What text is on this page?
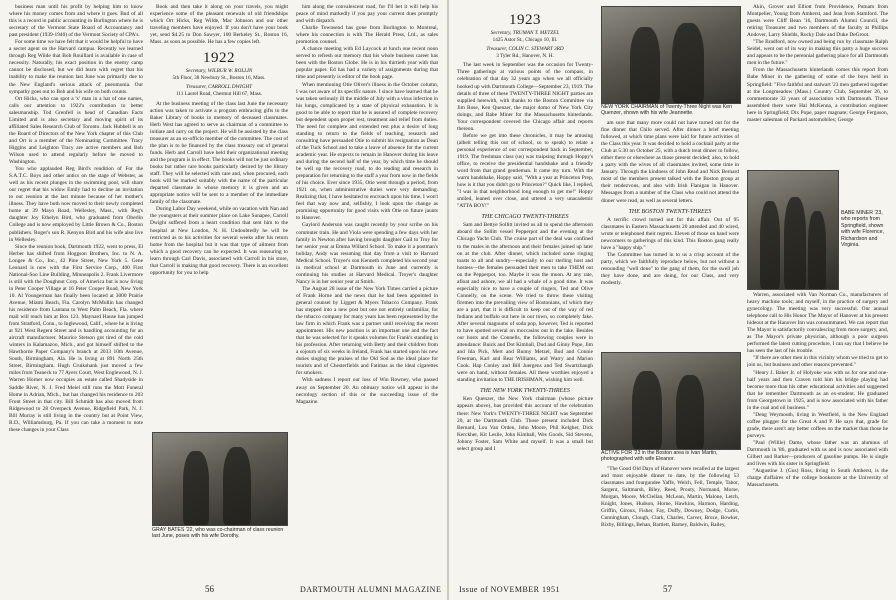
business man until his profit by helping him to know where his money comes from and where it goes. Bud of all this is a record in public accounting in Burlington where he is secretary of the Vermont State Board of Accountancy and past president (1939-1940) of the Vermont Society of CPA's.

For some time we have felt that it would be helpful to have a secret agent on the Harvard campus. Recently we learned through Reg Wilde that Bob Rouillard is available in case of necessity. Naturally, his exact position in the enemy camp cannot be disclosed, but we did learn with regret that his inability to make the reunion last June was primarily due to the New England's serious attack of pneumonia. Our sympathy goes out to Bob and his wife on both counts.

Ort Hicks, who can spot a 'x' man in a hat of one names, calls our attention to 1922's contribution to better salesmanship. Tod Grenfell is head of Canadian Facts Limited and is also secretary and moving spirit of its affiliated Sales Research Club of Toronto. Jack Hubbell is on the Board of Directors of the New York chapter of this Club and Ort is a member of the Nominating Committee. Tracy Higgins and Leighton Tracy are active members and Bob Wilson used to attend regularly before he moved to Washington.

You who applauded Reg Bird's rendition of For the S.A.T.C. Boys and other antics on the stage of Webster, as well as his recent plunges in the swimming pool, will share our regret that his widow Emily had to decline an invitation to our reunion at the last minute because of her mother's illness. They have both now moved to their newly completed home at 39 Mayo Road, Wellesley, Mass., with Reg's daughter Joy Ethelyn Bird, who graduated from Oberlin College and is now employed by Little Brown & Co., Boston publishers. Roger's son R. Kenyon Bird and his wife also live in Wellesley.

Since the reunion book, Dartmouth 1922, went to press, El Herber has shifted from Hoggson Brothers, Inc. to N. A. Longee & Co., Inc., 42 Pine Street, New York 5. Gene Leonard is now with the First Service Corp., 400 First National-Soo Line Building, Minneapolis 2. Frank Livermore is still with the Doughnut Corp. of America but is now living in Peter Cooper Village at 16 Peter Cooper Road, New York 10. Al Youngerman has finally been located at 3000 Prairie Avenue, Miami Beach, Fla. Carolyn McMullin has changed his residence from Lantana to West Palm Beach, Fla. where mail will reach him at Box 123. Maynard Hause has jumped from Stratford, Conn., to Inglewood, Calif., where he is living at 921 West Regent Street and is handling accounting for an aircraft manufacturer. Maurice Stetson got tired of the cold winters in Kalamazoo, Mich., and got himself shifted to the Hawthorne Paper Company's branch at 2033 10th Avenue, South, Birmingham, Ala. He is living at 891 North 25th Street, Birmingham. Hugh Cruikshank just moved a few miles from Teaneck to 77 Ayers Court, West Englewood, N. J. Warren Horner now occupies an estate called Shadyside in Saddle River, N. J. Fred Meiel still runs the Mott Funeral Home in Adrian, Mich., but has changed his residence to 203 Front Street in that city. Bill Schmidt has also moved from Ridgewood to 28 Overpeck Avenue, Ridgefield Park, N. J. Bill Murray is still living in the country but at Point View, R.D., Williamsburg, Pa. If you can take a moment to note these changes in your Class

Book and then take it along on your travels, you might experience some of the pleasant renewals of old friendships which Ort Hicks, Reg Wilde, Mac Johnson and our other traveling members have enjoyed. If you don't have your book yet, send $4.25 to Don Sawyer, 100 Berkeley St., Boston 16, Mass. as soon as possible. He has a few copies left.

1922
Secretary, WILBUR W. ROLLIN
5th Floor, 38 Newbury St., Boston 16, Mass.
Treasurer, CARROLL DWIGHT
111 Laurel Road, Chestnut Hill 67, Mass.

At the business meeting of the class last June the necessary action was taken to activate a program embracing gifts to the Baker Library of books in memory of deceased classmates. Herb West has agreed to serve as chairman of a committee to initiate and carry on the project. He will be assisted by the class treasurer as an ex-officio member of the committee. The cost of the plan is to be financed by the class treasury out of general funds. Herb and Carroll have held their organizational meeting and the program is in effect. The books will not be just ordinary books but rather rare books particularly desired by the library staff. They will be selected with care and, when procured, each book will be marked suitably with the name of the particular departed classmate in whose memory it is given and an appropriate notice will be sent to a member of the immediate family of the classmate.

During Labor Day weekend, while on vacation with Nan and the youngsters at their summer place on Lake Sunapee, Carroll Dwight suffered from a heart condition that sent him to the hospital at New London, N. H. Undoubtedly he will be restricted as to his activities for several weeks after his return home from the hospital but it was that type of ailment from which a good recovery can be expected. It was reassuring to learn through Carl Davis, associated with Carroll in his store, that Carroll is making that good recovery. There is an excellent opportunity for you to help

GRAY BATES '22, who was co-chairman of class reunion last June, poses with his wife Dorothy.

him along the convalescent road, for I'll bet it will help his peace of mind markedly if you pay your current dues promptly and with dispatch.

Charlie Townsend has gone from Burlington to Montreal, where his connection is with The Herald Press, Ltd., as sales promotion counsel.

A chance meeting with Ed Laycock at lunch one recent noon served to refresh our memory that his whole business career has been with the Boston Globe. He is in his thirtieth year with that popular paper. Ed has had a variety of assignments during that time and presently is editor of the book page.

When mentioning Otie Oliver's illness in the October column, I was not aware of its specific nature. I since have learned that he was taken seriously ill the middle of July with a virus infection in his lungs, complicated by a state of physical exhaustion. It is good to be able to report that he is assured of complete recovery but dependent upon proper rest, treatment and relief from duties. The need for complete and extended rest plus a desire of long standing to return to the fields of teaching, research and consulting have persuaded Otie to submit his resignation as Dean of the Tuck School and to take a leave of absence for the current academic year. He expects to remain in Hanover during his leave and during the second half of the year, by which time he should be well up the recovery road, to do reading and research in preparation for returning to the staff a year from now in the fields of his choice. Ever since 1935, Otie went through a period, from 1921 on, when administrative duties were very demanding. Realizing that, I have hesitated to encroach upon his time. I won't feel that way now and, selfishly, I look upon the change as promising opportunity for good visits with Otie on future jaunts to Hanover.

Gaylord Anderson was caught recently by your scribe on his commuter train. He and Viola were spending a few days with her family in Newton after having brought daughter Gail to Troy for her senior year at Emma Willard School. To make it a postman's holiday, Andy was resuming that day from a visit to Harvard Medical School. Troyer's son Kenneth completed his second year in medical school at Dartmouth in June and currently is continuing his studies at Harvard Medical. Troyer's daughter Nancy is in her senior year at Smith.

The August 28 issue of the New York Times carried a picture of Frank Horne and the news that he had been appointed in general counsel by Liggett & Myers Tobacco Company. Frank has stepped into a new post but one not entirely unfamiliar, for the tobacco company for many years has been represented by the law firm in which Frank was a partner until receiving the recent appointment. His new position is an important one and the fact that he was selected for it speaks volumes for Frank's standing in his profession. After returning with Betty and their children from a sojourn of six weeks in Ireland, Frank has started upon his new duties singing the praises of the Old Sod as the ideal place for tourists and of Chesterfields and Fatimas as the ideal cigarettes for smokers.

With sadness I report our loss of Win Rowney, who passed away on September 20. An obituary notice will appear in the necrology section of this or the succeeding issue of the Magazine.

56	DARTMOUTH ALUMNI MAGAZINE
1923
Secretary, TRUMAN T. METZEL
1425 Astor St., Chicago 10, Ill.
Treasurer, COLIN C. STEWART 3RD
3 Tyler Rd., Hanover, N. H.

The last week in September was the occasion for Twenty-Three gatherings at various points of the compass, in celebration of that day 32 years ago when we all officially hooked up with Dartmouth College—September 23, 1919. The details of three of these TWENTY-THREE NIGHT parties are supplied herewith, with thanks to the Boston Committee via Jim Rose, Ken Quenzer, the major domo of New York City doings, and Babe Miner for the Massachusetts hinterlands. Your correspondent covered the Chicago affair and reports thereon.

Before we get into these chronicles, it may be amusing (albeit telling this out of school, so to speak) to relate a personal experience of our correspondent back in September, 1919. The freshman class (us) was traipsing through Hoppy's office, to receive the presidential handshake and a friendly word from that grand gentleman. It came my turn. With the warm handshake, Hoppy said, "With a year at Princeton Prep, how is it that you didn't go to Princeton?" Quick like, I replied, "I was in that neighborhood long enough to get me!" Hoppy smiled, leaned over close, and uttered a very unacademic "ATTA BOY!"

THE CHICAGO TWENTY-THREES

Sam and Bettye Sollitt invited us all to spend the afternoon aboard the Sollitt vessel Pepperpot and the evening at the Chicago Yacht Club. The cruise part of the deal was confined to the males in the afternoon and their females joined up later on at the club. After dinner, which included some ringing toasts to all and sundry—especially to our sterling host and hostess—the females persuaded their men to take THEM out on the Pepperpot, too. Maybe it was the moon. At any rate, afloat and ashore, we all had a whale of a good time. It was especially nice to have a couple of ringers, Ted and Olive Connelly, on the scene. We tried to throw these visiting firemen into the prevailing view of Bostonians, of which they are a part, that it is difficult to keep out of the way of red Indians and buffalo out here in our town, so completely fake. After several magnums of soda pop, however, Ted is reported to have spotted several on moccasins out in the lake. Besides our hosts and the Connells, the following couples were in attendance: Buick and Dot Kimball, Dud and Ginny Pope, Jim and Ida Pick, Mert and Bunny Metzel, Bud and Connie Freeman, Karl and Bear Williams, and Warry and Marion Cook. Hap Conley and Bill Juergens and Ted Swartzbaugh were on hand, without females. All these worthies enjoyed a standing invitation to THE IRISHMAN, wishing him well.

THE NEW YORK TWENTY-THREES

Ken Quenzer, the New York chairman (whose picture appears above), has provided this account of the celebration there: New York's TWENTY-THREE NIGHT was September 20, at the Dartmouth Club. Those present included Dick Bernard, Lou Van Orden, John Moore, Phil Kelgher, Dick Kerckher, Kit Leslie, John Kimball, Wes Goods, Sid Stevens, Johnny Foster, Sam White and myself. It was a small but select group and I

NEW YORK CHAIRMAN of Twenty-Three Night was Ken Quenzer, shown with his wife Jeannette.

am sure that many more could not have turned out for the fine dinner that Chilo served. After dinner a brief meeting followed, at which time plans were laid for future activities of the Class this year. It was decided to hold a cocktail party at the Club at 5:30 on October 25, with a dutch treat dinner to follow, either there or elsewhere as those present decided; also, to hold a party with the wives of all classmates invited, some time in January. Through the kindness of John Read and Nick Bernard most of the members present talked with the Boston group at their rendezvous, and also with Irish Flanigan in Hanover. Messages from a number of the Class who could not attend the dinner were read, as well as several letters.

THE BOSTON TWENTY-THREES

A terrific crowd turned out for this affair. Out of 95 classmates in Eastern Massachusetts 20 attended and 40 wired, wrote or telephoned their regrets. Eleven of those on hand were newcomers to gatherings of this kind. This Boston gang really have a "happy ship."

The Committee has turned in to us a crisp account of the party, which we faithfully reproduce below, but not without a resounding "well done" to the gang of them, for the swell job they have done, and are doing, for our Class, and very modestly.

ACTIVE FOR '23 in the Boston area is Ivan Martin, photographed with wife Eleanor.

"The Good Old Days of Hanover were recalled at the largest and most enjoyable dinner to date, by the following 53 classmates and fourgundee Yaffe, Welch, Fell, Temple, Tabor, Sargent, Saltmarsh, Biley, Reed, Prouty, Normand, Morse, Morgan, Moore, McClellan, McLean, Martin, Malone, Letch, Knight, Jones, Hudson, Horne, Hawkins, Harmon, Harding, Griffin, Giroux, Fisher, Fay, Duffy, Downey, Dodge, Curtis, Cunningham, Clough, Clark, Charles, Carver, Bruce, Bowker, Bixby, Billings, Behan, Bartlett, Barney, Baldwin, Bailey,

Akin, Grover and Elliott from Providence, Putnam from Montpelier, Young from Amherst, and Jean from Stamford. The guests were Cliff Bean '16, Dartmouth Alumni Council, the retiring Treasurer and two members of the faculty at Phillips Andover, Larry Shields, Rocky Dale and Duke DeGroot.

"The Bradford, now owned and being run by classmate Ralph Seidel, went out of its way in making this party a huge success and appears to be the perennial gathering place for all Dartmouth men in the future."

From the Massachusetts hinterlands comes this report from Babe Miner in the gathering of some of the boys held in Springfield: "Five faithful and stalwart '23 men gathered together at the Longmeadow (Mass.) Country Club, September 26, to commemorate 32 years of association with Dartmouth. Those assembled there were Hal McKenna, a contribution engineer here in Springfield; Dix Pope, paper magnate; George Ferguson, master salesman of Packard automobiles; George

BABE MINER '23, who reports from Springfield, shown with wife Florence, Richardson and Virginia.

Warren, associated with Van Norman Co., manufacturers of heavy machine tools; and myself, in the practice of surgery and gynecology. The meeting was very successful. Our annual telephone call to His Honor The Mayor of Hanover at his present hideout at the Hanover Inn was consummated. We can report that The Mayor is satisfactorily convalescing from more surgery, and, as The Mayor's private physician, although a poor surgeon performed the latest cutting procedure, I can say that I believe he has seen the last of his trouble.

"If there are other men in this vicinity whom we tried to get to join us, but business and other reasons prevented."

"Henry J. Baker Jr. of Holyoke was with us for one and one-half years and then Craven told him his bridge playing had become more than his other educational activities and suggested that he remember Dartmouth as an ex-student. He graduated from Georgetown in 1925, and is now associated with his father in the coal and oil business."

"Deng Weymouth, living in Westfield, is the New England coffee plugger for the Great A and P. He says that, grade for grade, there aren't any better coffees on the market than those he purveys.

"Paul (Willie) Dame, whose father was an alumnus of Dartmouth in '86, graduated with us and is now associated with Gilbert and Barker—producers of gasoline pumps. He is single and lives with his sister in Springfield.

"Augustine J. (Gus) Ross, living in South Amherst, is the charge d'affaires of the college bookstore at the University of Massachusetts.

Issue of NOVEMBER 1951	57
